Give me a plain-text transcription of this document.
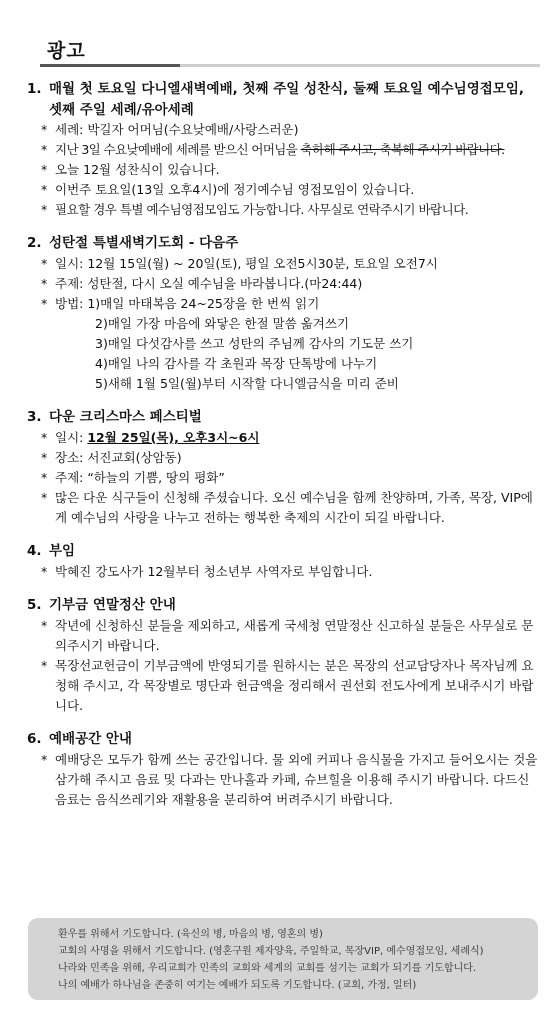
광고
1. 매월 첫 토요일 다니엘새벽예배, 첫째 주일 성찬식, 둘째 토요일 예수님영접모임,
셋째 주일 세례/유아세례
* 세례: 박길자 어머님(수요낮예배/사랑스러운)
* 지난 3일 수요낮예배에 세례를 받으신 어머님을 축하해 주시고, 축복해 주시기 바랍니다.
* 오늘 12월 성찬식이 있습니다.
* 이번주 토요일(13일 오후4시)에 정기예수님 영접모임이 있습니다.
* 필요할 경우 특별 예수님영접모임도 가능합니다. 사무실로 연락주시기 바랍니다.
2. 성탄절 특별새벽기도회 - 다음주
* 일시: 12월 15일(월) ~ 20일(토), 평일 오전5시30분, 토요일 오전7시
* 주제: 성탄절, 다시 오실 예수님을 바라봅니다.(마24:44)
* 방법: 1)매일 마태복음 24~25장을 한 번씩 읽기
2)매일 가장 마음에 와닿은 한절 말씀 옮겨쓰기
3)매일 다섯감사를 쓰고 성탄의 주님께 감사의 기도문 쓰기
4)매일 나의 감사를 각 초원과 목장 단톡방에 나누기
5)새해 1월 5일(월)부터 시작할 다니엘금식을 미리 준비
3. 다운 크리스마스 페스티벌
* 일시: 12월 25일(목), 오후3시~6시
* 장소: 서진교회(상암동)
* 주제: “하늘의 기쁨, 땅의 평화”
* 많은 다운 식구들이 신청해 주셨습니다. 오신 예수님을 함께 찬양하며, 가족, 목장, VIP에게 예수님의 사랑을 나누고 전하는 행복한 축제의 시간이 되길 바랍니다.
4. 부임
* 박혜진 강도사가 12월부터 청소년부 사역자로 부임합니다.
5. 기부금 연말정산 안내
* 작년에 신청하신 분들을 제외하고, 새롭게 국세청 연말정산 신고하실 분들은 사무실로 문의주시기 바랍니다.
* 목장선교헌금이 기부금액에 반영되기를 원하시는 분은 목장의 선교담당자나 목자님께 요청해 주시고, 각 목장별로 명단과 헌금액을 정리해서 권선회 전도사에게 보내주시기 바랍니다.
6. 예배공간 안내
* 예배당은 모두가 함께 쓰는 공간입니다. 물 외에 커피나 음식물을 가지고 들어오시는 것을 삼가해 주시고 음료 및 다과는 만나홀과 카페, 슈브힐을 이용해 주시기 바랍니다. 다드신 음료는 음식쓰레기와 재활용을 분리하여 버려주시기 바랍니다.
환우를 위해서 기도합니다. (육신의 병, 마음의 병, 영혼의 병)
교회의 사명을 위해서 기도합니다. (영혼구원 제자양육, 주일학교, 목장VIP, 예수영접모임, 세례식)
나라와 민족을 위해, 우리교회가 민족의 교회와 세계의 교회를 섬기는 교회가 되기를 기도합니다.
나의 예배가 하나님을 존중히 여기는 예배가 되도록 기도합니다. (교회, 가정, 일터)
